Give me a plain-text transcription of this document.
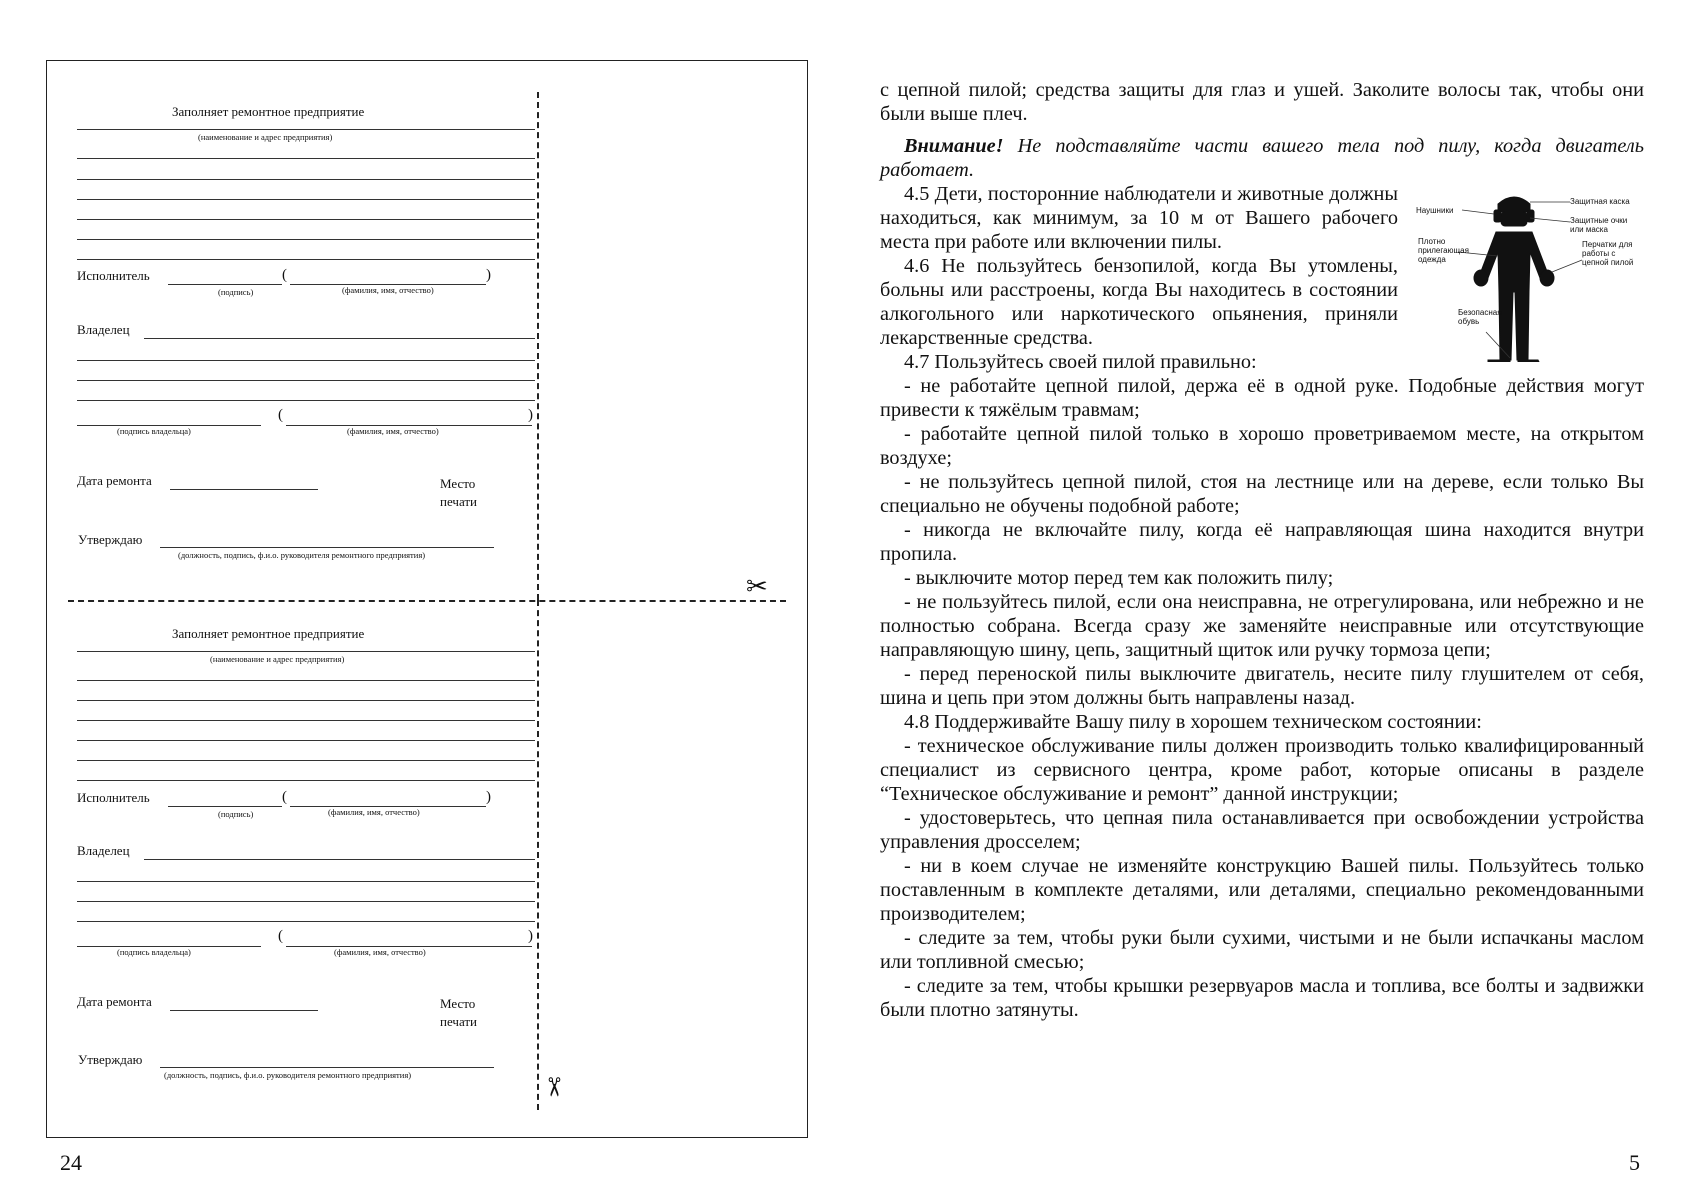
✂
✂
Заполняет ремонтное предприятие
(наименование и адрес предприятия)
Исполнитель	(	)
(подпись)	(фамилия, имя, отчество)
Владелец
(	)
(подпись владельца)	(фамилия, имя, отчество)
Дата ремонта	Место
печати
Утверждаю
(должность, подпись, ф.и.о. руководителя ремонтного предприятия)
Заполняет ремонтное предприятие
(наименование и адрес предприятия)
Исполнитель	(	)
(подпись)	(фамилия, имя, отчество)
Владелец
(	)
(подпись владельца)	(фамилия, имя, отчество)
Дата ремонта	Место
печати
Утверждаю
(должность, подпись, ф.и.о. руководителя ремонтного предприятия)
24

с цепной пилой; средства защиты для глаз и ушей. Заколите волосы так, чтобы они были выше плеч.

Внимание! Не подставляйте части вашего тела под пилу, когда двигатель работает.

4.5 Дети, посторонние наблюдатели и животные должны находиться, как минимум, за 10 м от Вашего рабочего места при работе или включении пилы.

4.6 Не пользуйтесь бензопилой, когда Вы утомлены, больны или расстроены, когда Вы находитесь в состоянии алкогольного или наркотического опьянения, приняли лекарственные средства.

Защитная каска
Наушники
Защитные очки
или маска
Плотно
прилегающая
одежда
Перчатки для
работы с
цепной пилой
Безопасная
обувь

4.7 Пользуйтесь своей пилой правильно:

- не работайте цепной пилой, держа её в одной руке. Подобные действия могут привести к тяжёлым травмам;

- работайте цепной пилой только в хорошо проветриваемом месте, на открытом воздухе;

- не пользуйтесь цепной пилой, стоя на лестнице или на дереве, если только Вы специально не обучены подобной работе;

- никогда не включайте пилу, когда её направляющая шина находится внутри пропила.

- выключите мотор перед тем как положить пилу;

- не пользуйтесь пилой, если она неисправна, не отрегулирована, или небрежно и не полностью собрана. Всегда сразу же заменяйте неисправные или отсутствующие направляющую шину, цепь, защитный щиток или ручку тормоза цепи;

- перед переноской пилы выключите двигатель, несите пилу глушителем от себя, шина и цепь при этом должны быть направлены назад.

4.8 Поддерживайте Вашу пилу в хорошем техническом состоянии:

- техническое обслуживание пилы должен производить только квалифицированный специалист из сервисного центра, кроме работ, которые описаны в разделе “Техническое обслуживание и ремонт” данной инструкции;

- удостоверьтесь, что цепная пила останавливается при освобождении устройства управления дросселем;

- ни в коем случае не изменяйте конструкцию Вашей пилы. Пользуйтесь только поставленным в комплекте деталями, или деталями, специально рекомендованными производителем;

- следите за тем, чтобы руки были сухими, чистыми и не были испачканы маслом или топливной смесью;

- следите за тем, чтобы крышки резервуаров масла и топлива, все болты и задвижки были плотно затянуты.

5
